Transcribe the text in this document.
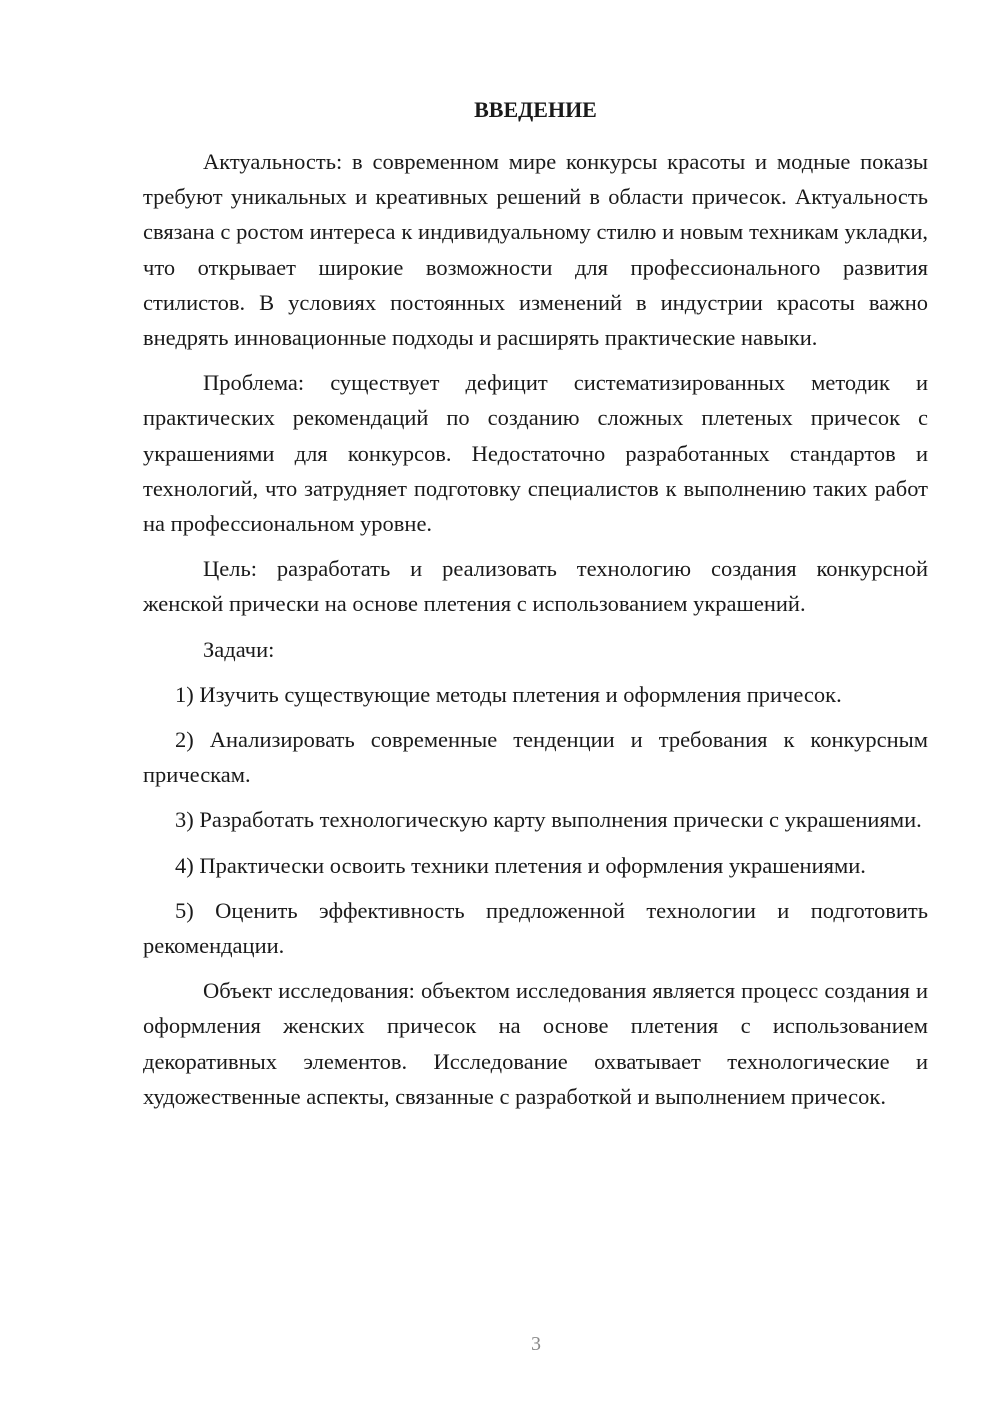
ВВЕДЕНИЕ

Актуальность: в современном мире конкурсы красоты и модные показы требуют уникальных и креативных решений в области причесок. Актуальность связана с ростом интереса к индивидуальному стилю и новым техникам укладки, что открывает широкие возможности для профессионального развития стилистов. В условиях постоянных изменений в индустрии красоты важно внедрять инновационные подходы и расширять практические навыки.

Проблема: существует дефицит систематизированных методик и практических рекомендаций по созданию сложных плетеных причесок с украшениями для конкурсов. Недостаточно разработанных стандартов и технологий, что затрудняет подготовку специалистов к выполнению таких работ на профессиональном уровне.

Цель: разработать и реализовать технологию создания конкурсной женской прически на основе плетения с использованием украшений.

Задачи:

1) Изучить существующие методы плетения и оформления причесок.

2) Анализировать современные тенденции и требования к конкурсным прическам.

3) Разработать технологическую карту выполнения прически с украшениями.

4) Практически освоить техники плетения и оформления украшениями.

5) Оценить эффективность предложенной технологии и подготовить рекомендации.

Объект исследования: объектом исследования является процесс создания и оформления женских причесок на основе плетения с использованием декоративных элементов. Исследование охватывает технологические и художественные аспекты, связанные с разработкой и выполнением причесок.

3
